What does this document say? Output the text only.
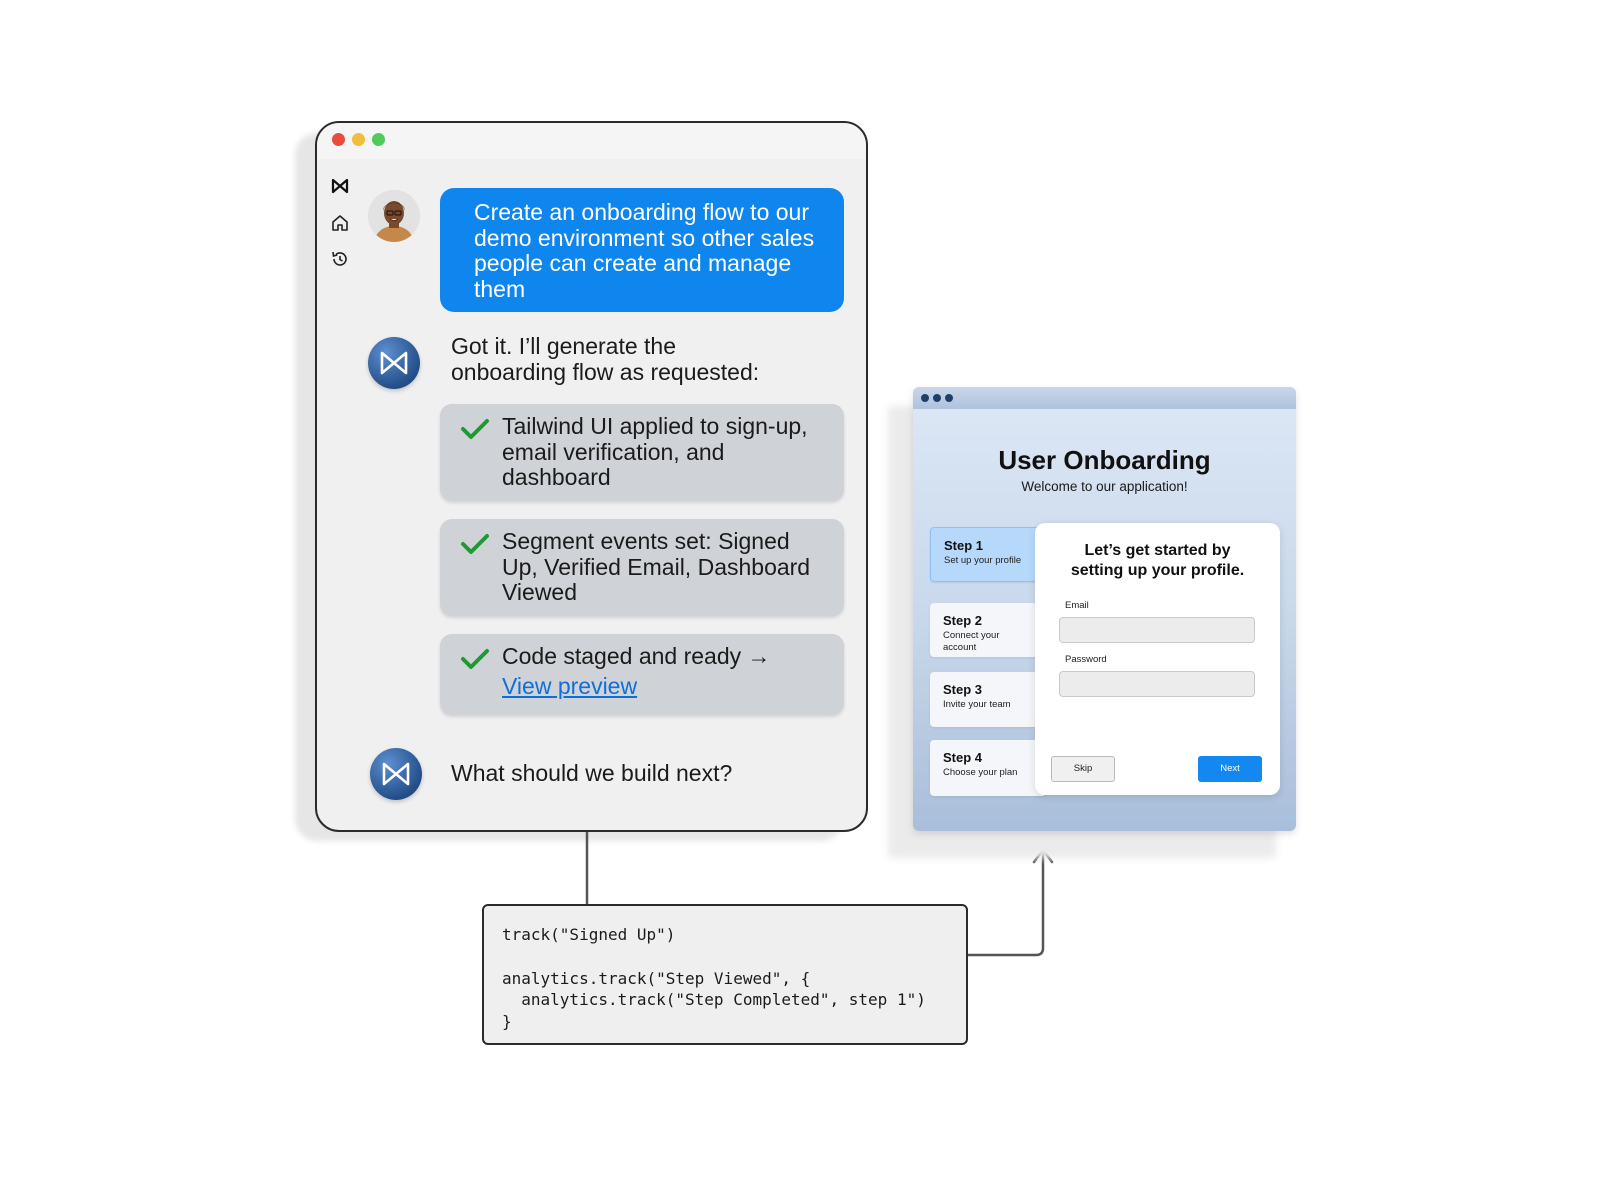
Create an onboarding flow to our demo environment so other sales people can create and manage them
Got it. I’ll generate the
onboarding flow as requested:
Tailwind UI applied to sign-up, email verification, and dashboard
Segment events set: Signed Up, Verified Email, Dashboard Viewed
Code staged and ready →
View preview
What should we build next?
track("Signed Up")
analytics.track("Step Viewed", {
analytics.track("Step Completed", step 1")
}
User Onboarding
Welcome to our application!
Step 1
Set up your profile
Step 2
Connect your account
Step 3
Invite your team
Step 4
Choose your plan
Let’s get started by setting up your profile.
Email
Password
Skip	Next
